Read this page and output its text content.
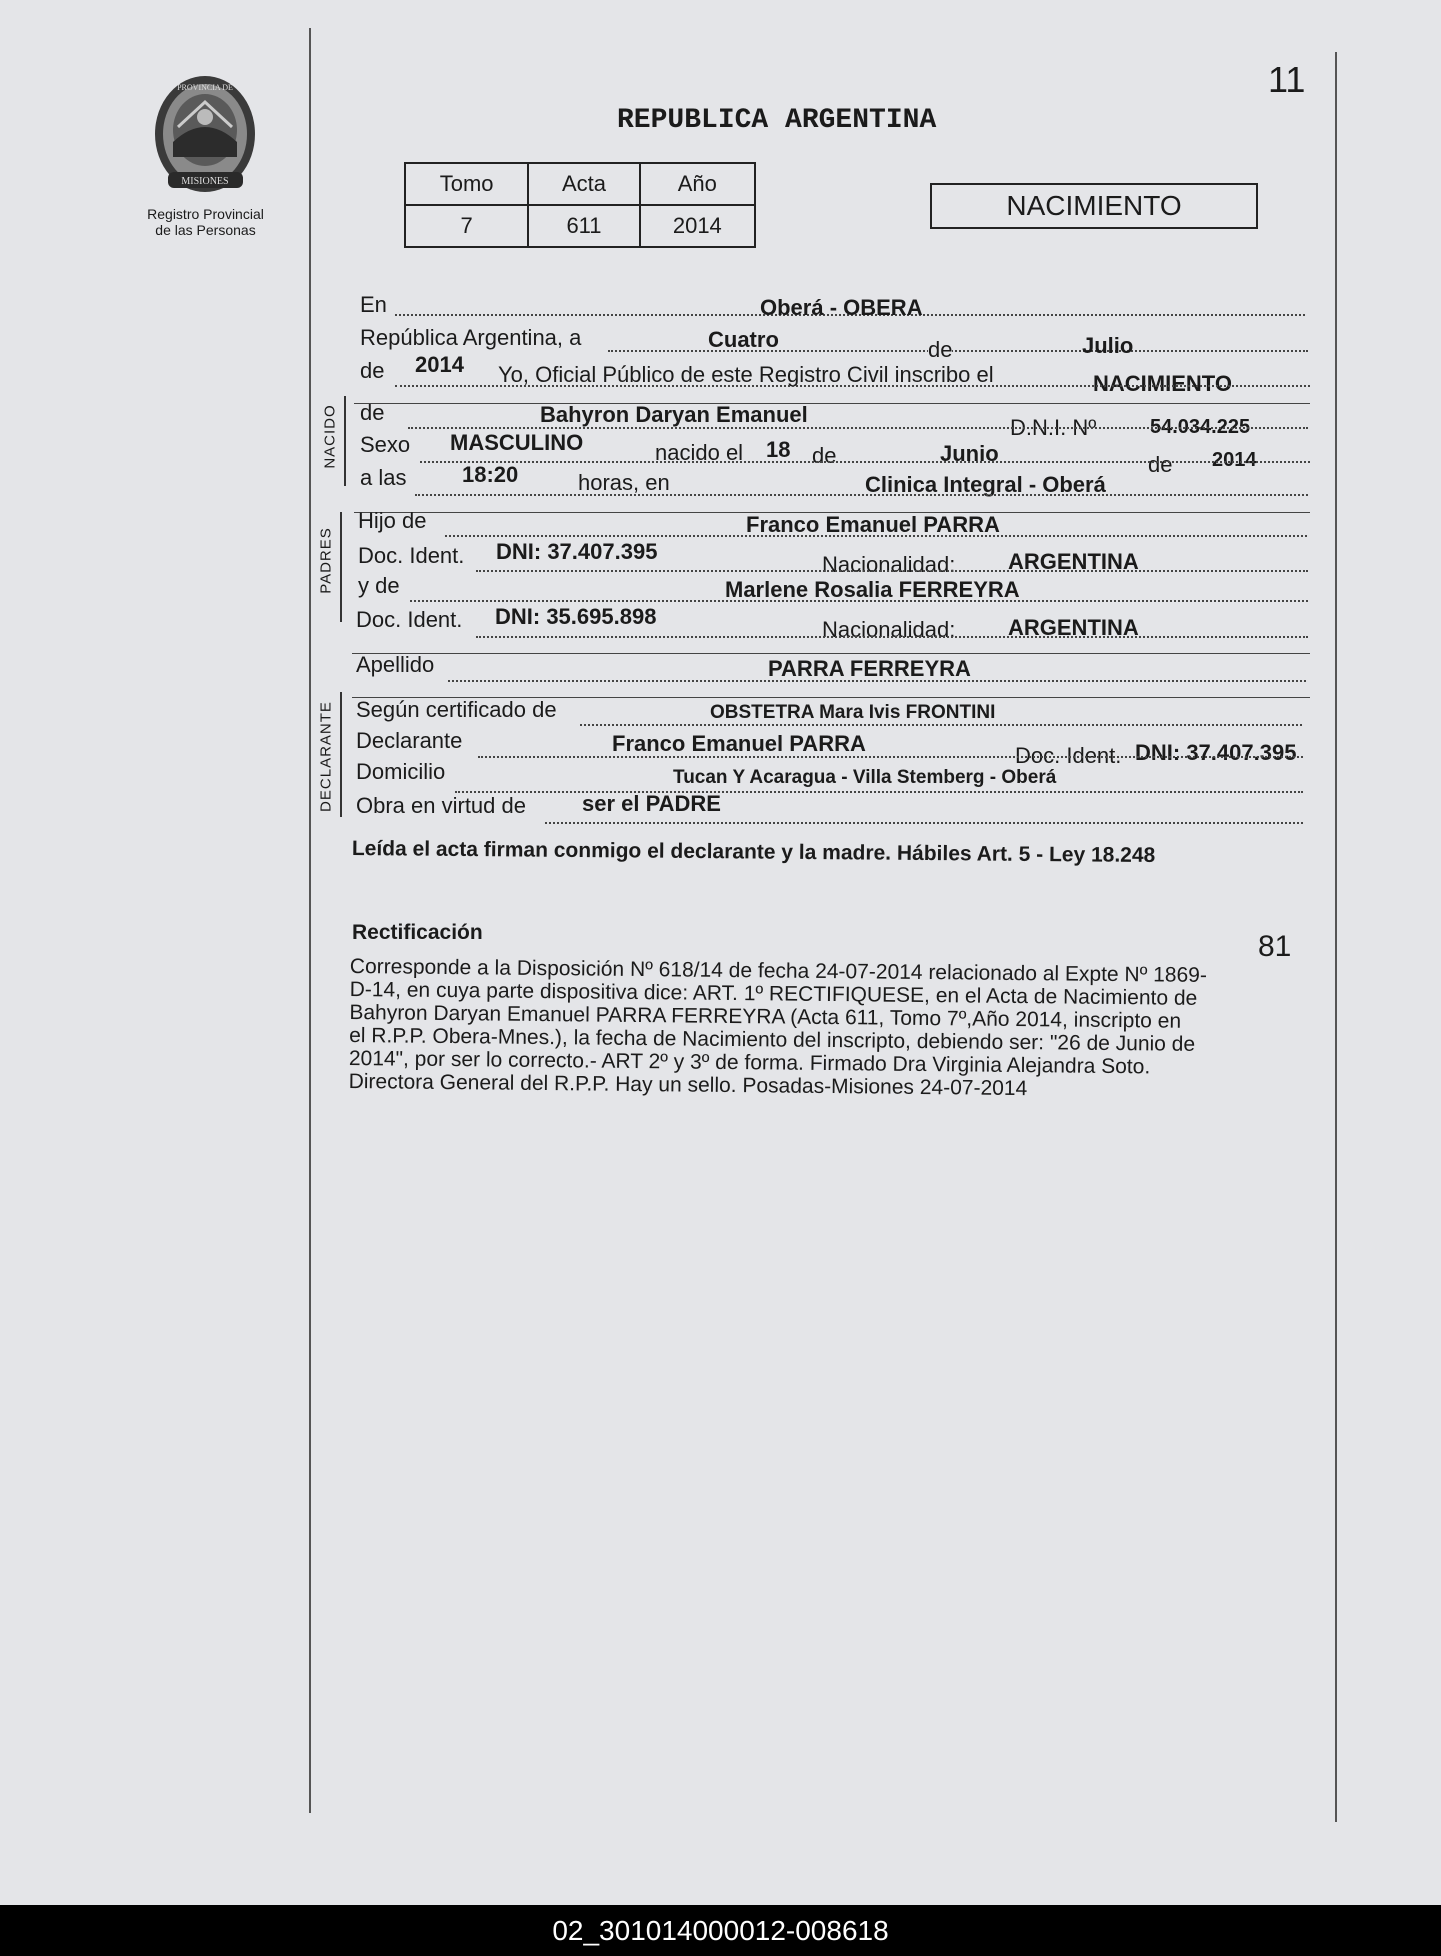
MISIONES
PROVINCIA DE
Registro Provincial
de las Personas
11
REPUBLICA ARGENTINA
Tomo	Acta	Año
7	611	2014
NACIMIENTO
En	Oberá - OBERA
República Argentina, a	Cuatro	de	Julio
de 2014 Yo, Oficial Público de este Registro Civil inscribo el	NACIMIENTO
NACIDO de	Bahyron Daryan Emanuel
D.N.I. Nº	54.034.225
Sexo MASCULINO	nacido el 18 de	Junio	de 2014
a las	18:20	horas, en	Clinica Integral - Oberá
PADRES
Hijo de	Franco Emanuel PARRA
Doc. Ident. DNI: 37.407.395
Nacionalidad: ARGENTINA
y de	Marlene Rosalia FERREYRA
Doc. Ident. DNI: 35.695.898
Nacionalidad: ARGENTINA
Apellido	PARRA FERREYRA
DECLARANTE Según certificado de	OBSTETRA Mara Ivis FRONTINI
Declarante	Franco Emanuel PARRA	Doc. Ident. DNI: 37.407.395
Domicilio	Tucan Y Acaragua - Villa Stemberg - Oberá
Obra en virtud de	ser el PADRE
Leída el acta firman conmigo el declarante y la madre. Hábiles Art. 5 - Ley 18.248
Rectificación	81
Corresponde a la Disposición Nº 618/14 de fecha 24-07-2014 relacionado al Expte Nº 1869-
D-14, en cuya parte dispositiva dice: ART. 1º RECTIFIQUESE, en el Acta de Nacimiento de
Bahyron Daryan Emanuel PARRA FERREYRA (Acta 611, Tomo 7º,Año 2014, inscripto en
el R.P.P. Obera-Mnes.), la fecha de Nacimiento del inscripto, debiendo ser: "26 de Junio de
2014", por ser lo correcto.- ART 2º y 3º de forma. Firmado Dra Virginia Alejandra Soto.
Directora General del R.P.P. Hay un sello. Posadas-Misiones 24-07-2014
02_301014000012-008618
